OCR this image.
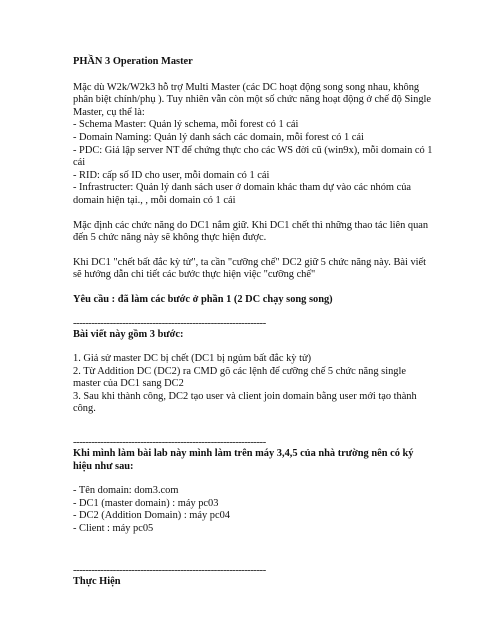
PHẦN 3 Operation Master
Mặc dù W2k/W2k3 hỗ trợ Multi Master (các DC hoạt động song song nhau, không phân biệt chính/phụ ). Tuy nhiên vẫn còn một số chức năng hoạt động ở chế độ Single Master, cụ thể là:
- Schema Master: Quản lý schema, mỗi forest có 1 cái
- Domain Naming: Quản lý danh sách các domain, mỗi forest có 1 cái
- PDC: Giả lập server NT để chứng thực cho các WS đời cũ (win9x), mỗi domain có 1 cái
- RID: cấp số ID cho user, mỗi domain có 1 cái
- Infrastructer: Quản lý danh sách user ở domain khác tham dự vào các nhóm của domain hiện tại., , mỗi domain có 1 cái
Mặc định các chức năng do DC1 nắm giữ. Khi DC1 chết thì những thao tác liên quan đến 5 chức năng này sẽ không thực hiện được.
Khi DC1 "chết bất đắc kỳ tử", ta cần "cưỡng chế" DC2 giữ 5 chức năng này. Bài viết sẽ hướng dẫn chi tiết các bước thực hiện việc "cưỡng chế"
Yêu cầu : đã làm các bước ở phần 1 (2 DC chạy song song)
---------------------------------------------------------------
Bài viết này gồm 3 bước:
1. Giả sử master DC bị chết (DC1 bị ngủm bất đắc kỳ tử)
2. Từ Addition DC (DC2) ra CMD gõ các lệnh để cưỡng chế 5 chức năng single master của DC1 sang DC2
3. Sau khi thành công, DC2 tạo user và client join domain bằng user mới tạo thành công.
---------------------------------------------------------------
Khi mình làm bài lab này mình làm trên máy 3,4,5 của nhà trường nên có ký hiệu như sau:
- Tên domain: dom3.com
- DC1 (master domain) : máy pc03
- DC2 (Addition Domain) : máy pc04
- Client : máy pc05
---------------------------------------------------------------
Thực Hiện
